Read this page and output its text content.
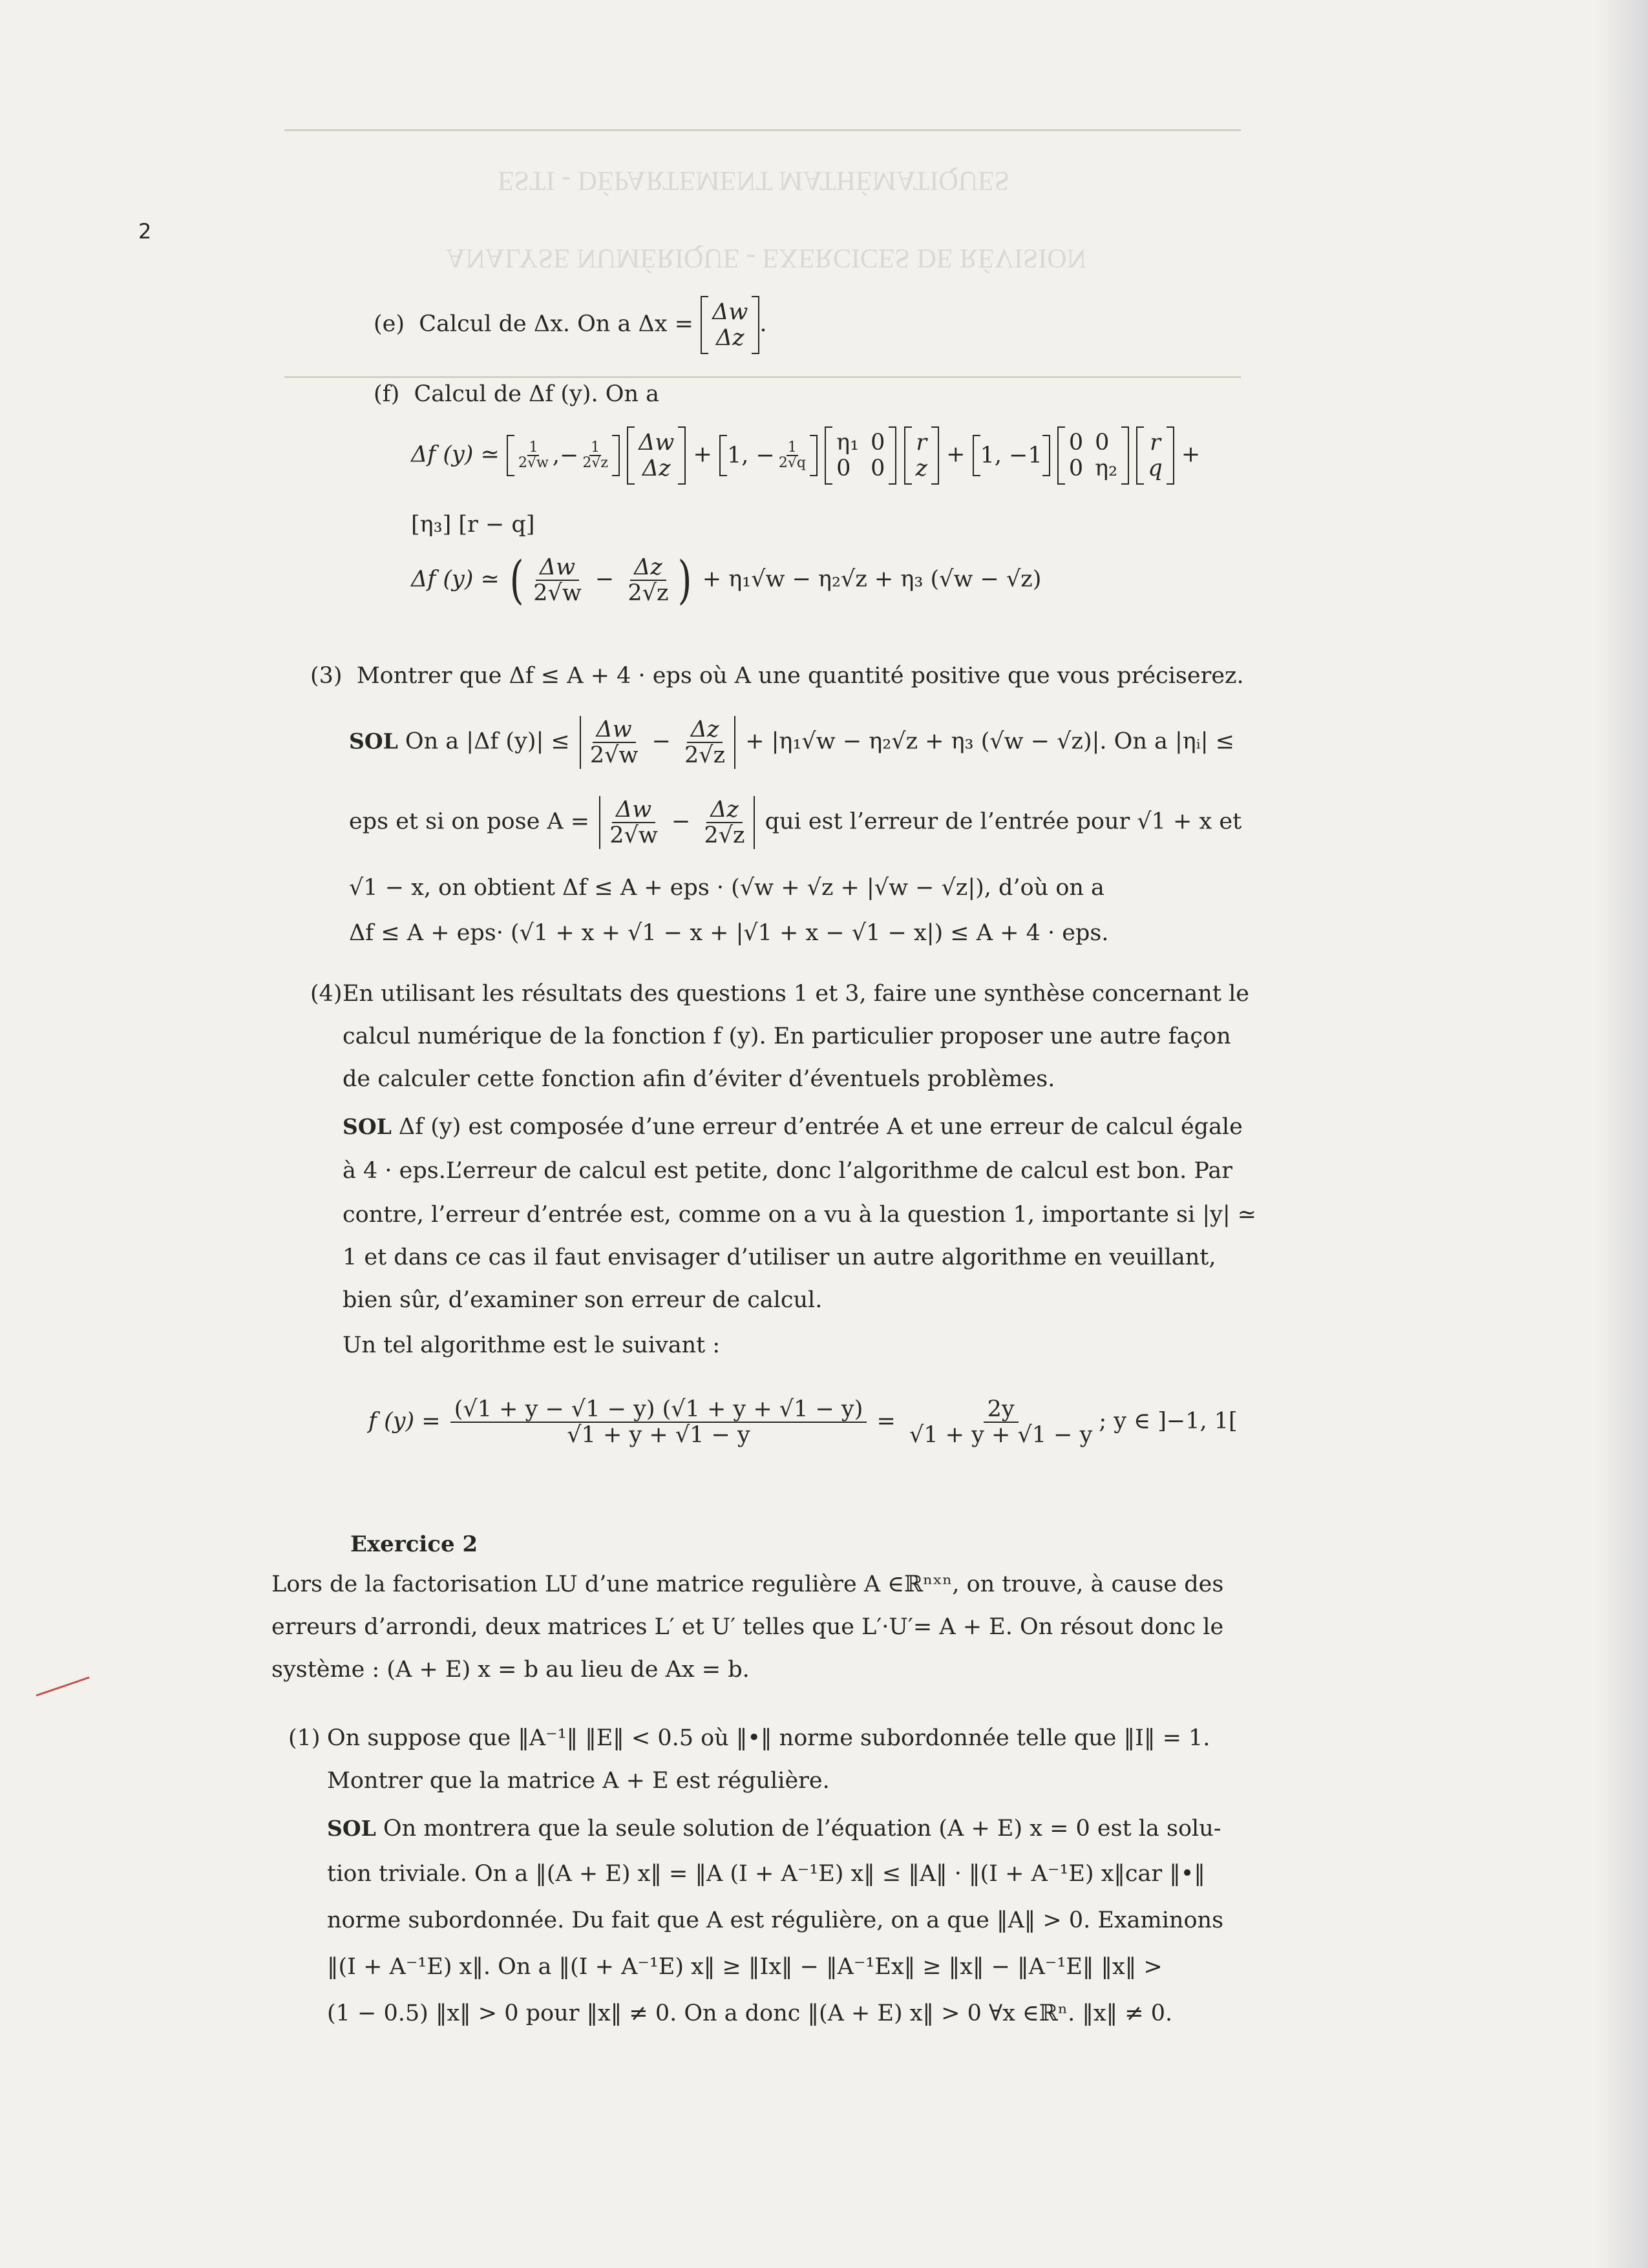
ESTI - DÉPARTEMENT MATHÉMATIQUES
ANALYSE NUMÉRIQUE - EXERCICES DE RÉVISION
2
(e) Calcul de Δx. On a Δx = Δw
Δz
.
(f) Calcul de Δf (y). On a
Δf (y) ≃ $\frac{1}{2√w}$ , − $\frac{1}{2√z}$
Δw
Δz
+ 1 ,
− $\frac{1}{2√q}$
η₁ 0
0 0

r
z
+ 1 ,
−1
0 0
0 η₂

r
q
+
[η₃] [r − q]
Δf (y) ≃ ( $\frac{\Delta w}{2√w} - \frac{\Delta z}{2√z}$ ) + η₁√w − η₂√z + η₃ (√w − √z)
(3) Montrer que Δf ≤ A + 4 · eps où A une quantité positive que vous préciserez.
SOL On a |Δf $(y)| \le \frac{\Delta w}{2√w} - \frac{\Delta z}{2√z} + |\eta_1√w - \eta_2√z + \eta_3$ (√w − √z)|. On a |ηᵢ| ≤
eps et si on pose $A = \frac{\Delta w}{2√w} - \frac{\Delta z}{2√z}$ qui est l’erreur de l’entrée pour √1 + x et
√1 − x, on obtient Δf ≤ A + eps · (√w + √z + |√w − √z|), d’où on a
Δf ≤ A + eps· (√1 + x + √1 − x + |√1 + x − √1 − x|) ≤ A + 4 · eps.
(4) En utilisant les résultats des questions 1 et 3, faire une synthèse concernant le
calcul numérique de la fonction f (y). En particulier proposer une autre façon
de calculer cette fonction afin d’éviter d’éventuels problèmes.
SOL Δf (y) est composée d’une erreur d’entrée A et une erreur de calcul égale
à 4 · eps.L’erreur de calcul est petite, donc l’algorithme de calcul est bon. Par
contre, l’erreur d’entrée est, comme on a vu à la question 1, importante si |y| ≃
1 et dans ce cas il faut envisager d’utiliser un autre algorithme en veuillant,
bien sûr, d’examiner son erreur de calcul.
Un tel algorithme est le suivant :
f $(y) = \frac{(√1 + y - √1 - y) (√1 + y + √1 - y)}{√1 + y + √1 - y} = \frac{2y}{√1 + y + √1 - y}$ ; y ∈ ]−1, 1[
Exercice 2
Lors de la factorisation LU d’une matrice regulière A ∈ℝⁿˣⁿ, on trouve, à cause des
erreurs d’arrondi, deux matrices L′ et U′ telles que L′·U′= A + E. On résout donc le
système : (A + E) x = b au lieu de Ax = b.
(1) On suppose que ‖A⁻¹‖ ‖E‖ < 0.5 où ‖•‖ norme subordonnée telle que ‖I‖ = 1.
Montrer que la matrice A + E est régulière.
SOL On montrera que la seule solution de l’équation (A + E) x = 0 est la solu-
tion triviale. On a ‖(A + E) x‖ = ‖A (I + A⁻¹E) x‖ ≤ ‖A‖ · ‖(I + A⁻¹E) x‖car ‖•‖
norme subordonnée. Du fait que A est régulière, on a que ‖A‖ > 0. Examinons
‖(I + A⁻¹E) x‖. On a ‖(I + A⁻¹E) x‖ ≥ ‖Ix‖ − ‖A⁻¹Ex‖ ≥ ‖x‖ − ‖A⁻¹E‖ ‖x‖ >
(1 − 0.5) ‖x‖ > 0 pour ‖x‖ ≠ 0. On a donc ‖(A + E) x‖ > 0 ∀x ∈ℝⁿ. ‖x‖ ≠ 0.
